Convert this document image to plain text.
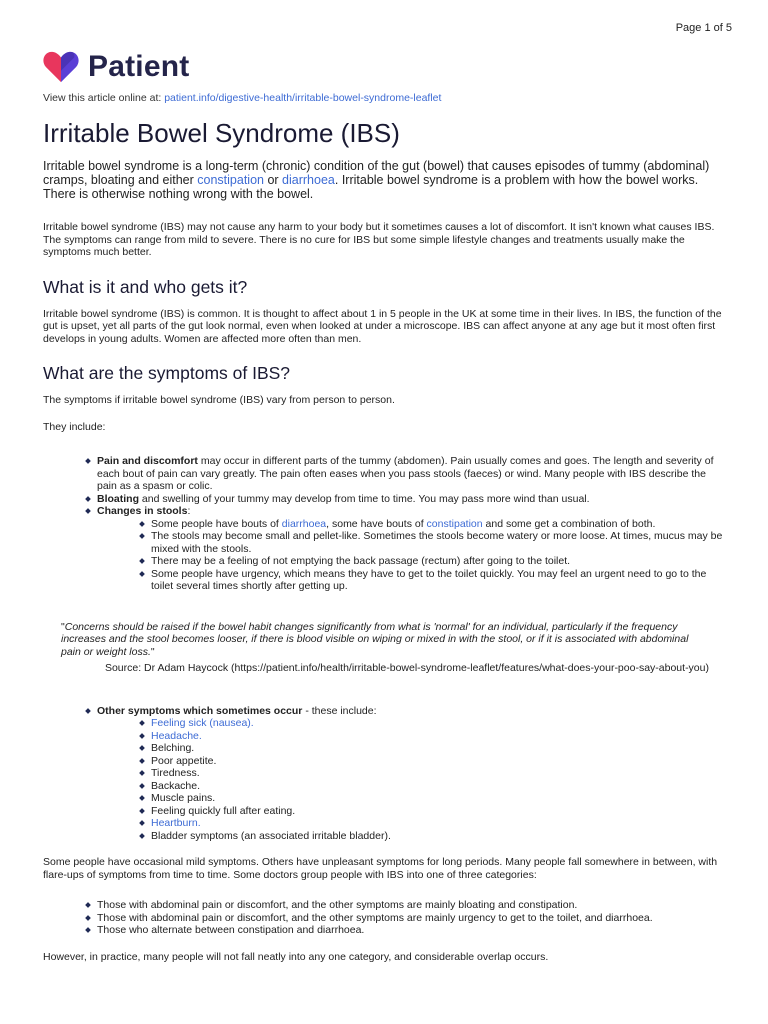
Page 1 of 5
Patient
View this article online at: patient.info/digestive-health/irritable-bowel-syndrome-leaflet
Irritable Bowel Syndrome (IBS)

Irritable bowel syndrome is a long-term (chronic) condition of the gut (bowel) that causes episodes of tummy (abdominal) cramps, bloating and either constipation or diarrhoea. Irritable bowel syndrome is a problem with how the bowel works. There is otherwise nothing wrong with the bowel.

Irritable bowel syndrome (IBS) may not cause any harm to your body but it sometimes causes a lot of discomfort. It isn't known what causes IBS. The symptoms can range from mild to severe. There is no cure for IBS but some simple lifestyle changes and treatments usually make the symptoms much better.

What is it and who gets it?

Irritable bowel syndrome (IBS) is common. It is thought to affect about 1 in 5 people in the UK at some time in their lives. In IBS, the function of the gut is upset, yet all parts of the gut look normal, even when looked at under a microscope. IBS can affect anyone at any age but it most often first develops in young adults. Women are affected more often than men.

What are the symptoms of IBS?

The symptoms if irritable bowel syndrome (IBS) vary from person to person.

They include:

Pain and discomfort may occur in different parts of the tummy (abdomen). Pain usually comes and goes. The length and severity of each bout of pain can vary greatly. The pain often eases when you pass stools (faeces) or wind. Many people with IBS describe the pain as a spasm or colic.
Bloating and swelling of your tummy may develop from time to time. You may pass more wind than usual.
Changes in stools:
Some people have bouts of diarrhoea, some have bouts of constipation and some get a combination of both.
The stools may become small and pellet-like. Sometimes the stools become watery or more loose. At times, mucus may be mixed with the stools.
There may be a feeling of not emptying the back passage (rectum) after going to the toilet.
Some people have urgency, which means they have to get to the toilet quickly. You may feel an urgent need to go to the toilet several times shortly after getting up.
"Concerns should be raised if the bowel habit changes significantly from what is 'normal' for an individual, particularly if the frequency increases and the stool becomes looser, if there is blood visible on wiping or mixed in with the stool, or if it is associated with abdominal pain or weight loss."
Source: Dr Adam Haycock (https://patient.info/health/irritable-bowel-syndrome-leaflet/features/what-does-your-poo-say-about-you)
Other symptoms which sometimes occur - these include:
Feeling sick (nausea).
Headache.
Belching.
Poor appetite.
Tiredness.
Backache.
Muscle pains.
Feeling quickly full after eating.
Heartburn.
Bladder symptoms (an associated irritable bladder).

Some people have occasional mild symptoms. Others have unpleasant symptoms for long periods. Many people fall somewhere in between, with flare-ups of symptoms from time to time. Some doctors group people with IBS into one of three categories:

Those with abdominal pain or discomfort, and the other symptoms are mainly bloating and constipation.
Those with abdominal pain or discomfort, and the other symptoms are mainly urgency to get to the toilet, and diarrhoea.
Those who alternate between constipation and diarrhoea.

However, in practice, many people will not fall neatly into any one category, and considerable overlap occurs.
